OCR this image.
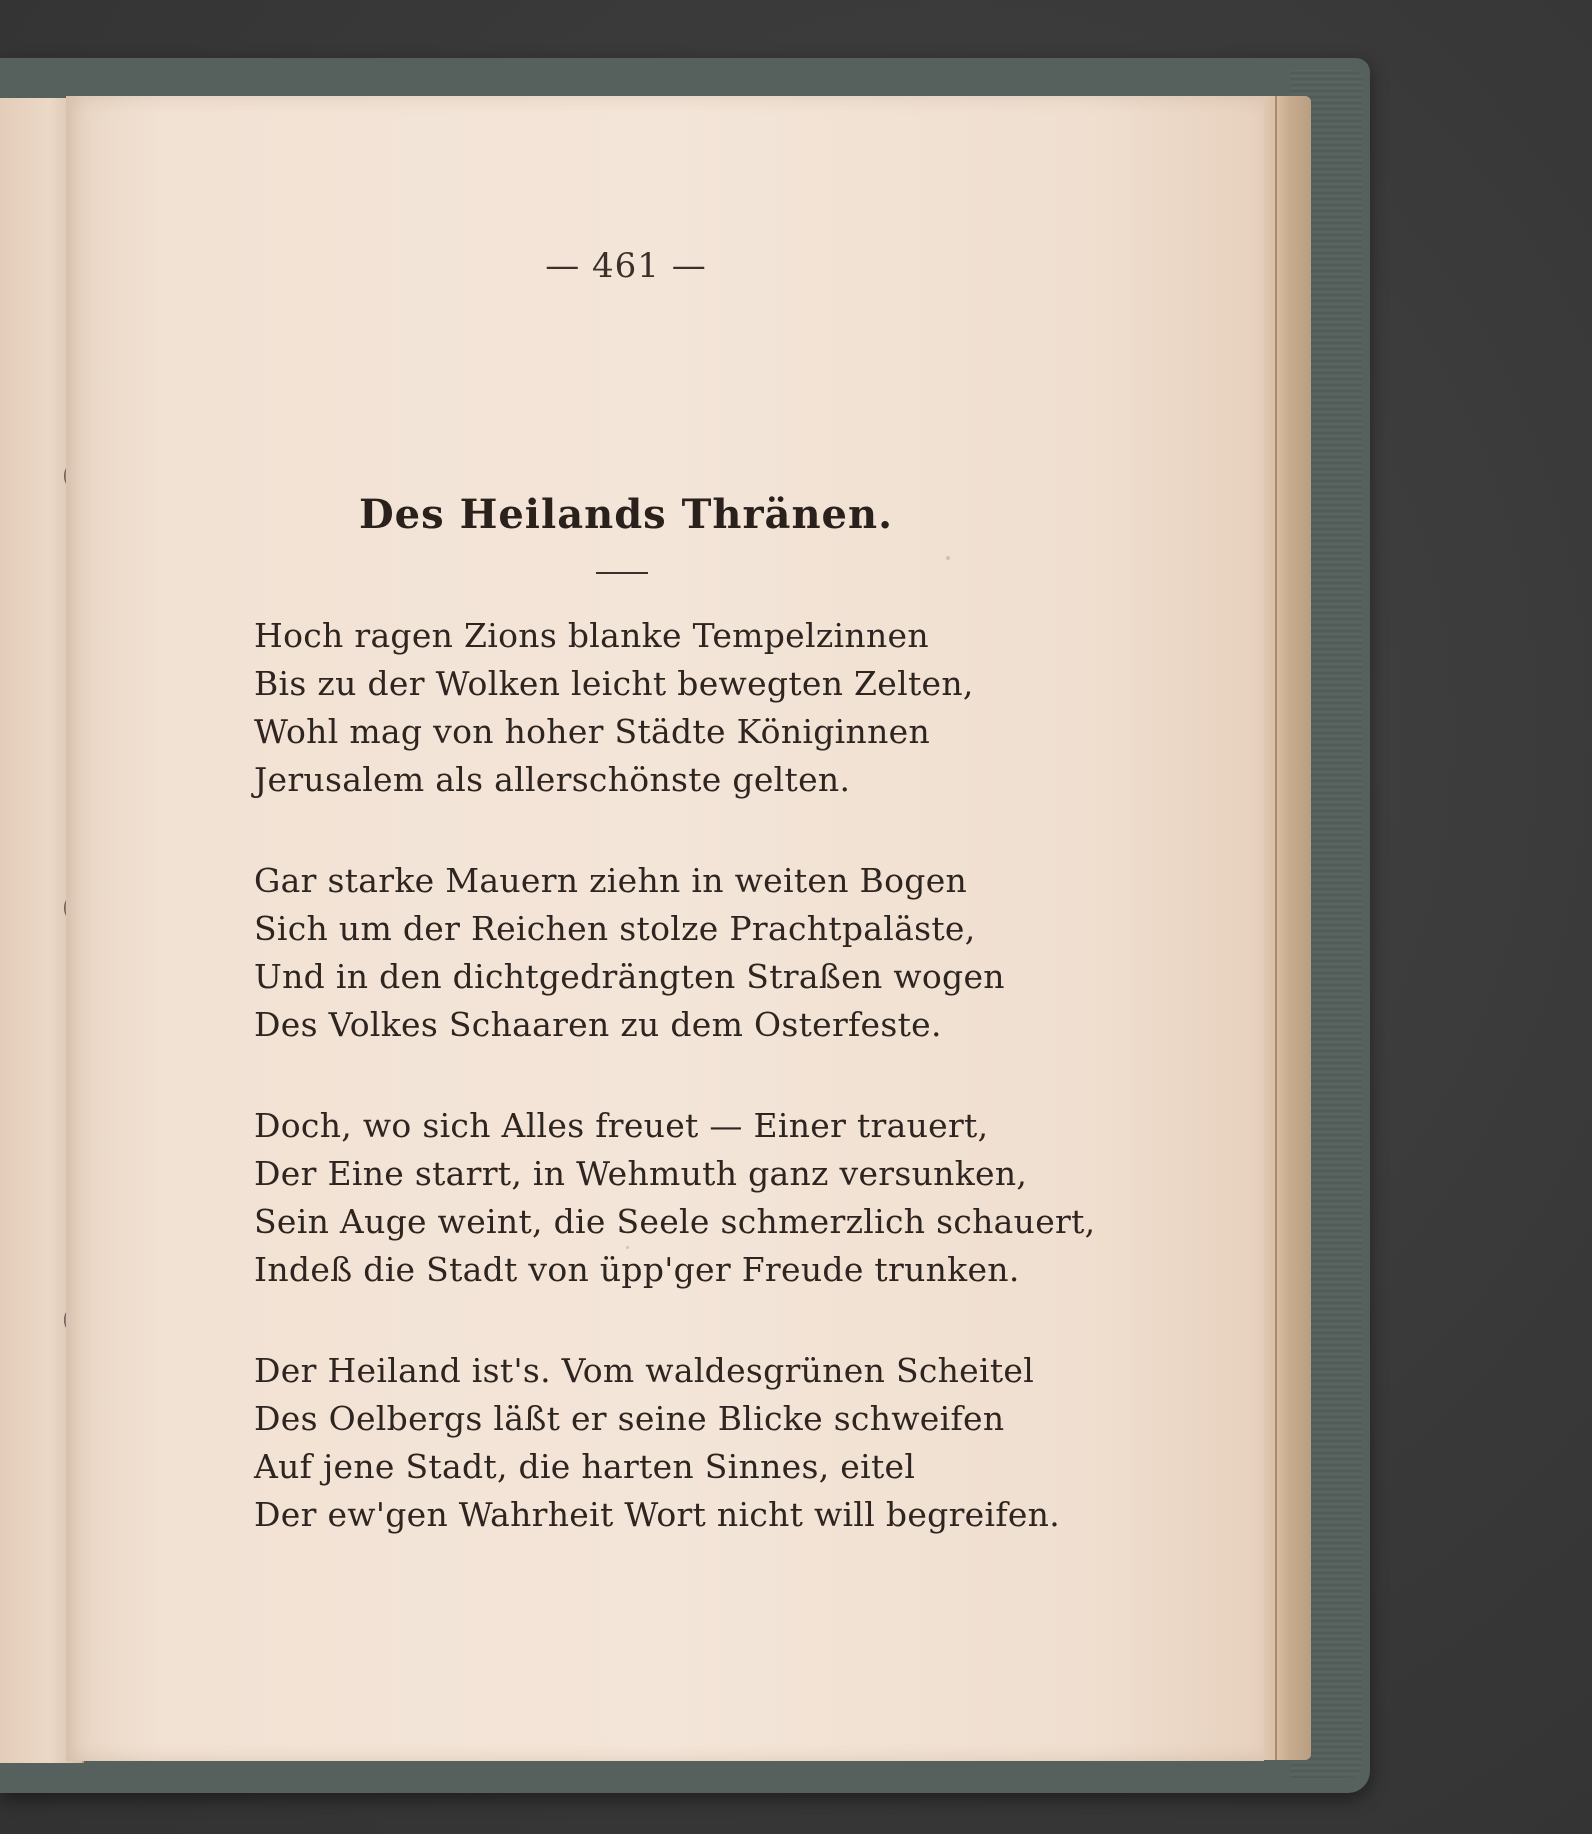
— 461 —
Des Heilands Thränen.
Hoch ragen Zions blanke Tempelzinnen
Bis zu der Wolken leicht bewegten Zelten,
Wohl mag von hoher Städte Königinnen
Jerusalem als allerschönste gelten.
Gar starke Mauern ziehn in weiten Bogen
Sich um der Reichen stolze Prachtpaläste,
Und in den dichtgedrängten Straßen wogen
Des Volkes Schaaren zu dem Osterfeste.
Doch, wo sich Alles freuet — Einer trauert,
Der Eine starrt, in Wehmuth ganz versunken,
Sein Auge weint, die Seele schmerzlich schauert,
Indeß die Stadt von üpp'ger Freude trunken.
Der Heiland ist's. Vom waldesgrünen Scheitel
Des Oelbergs läßt er seine Blicke schweifen
Auf jene Stadt, die harten Sinnes, eitel
Der ew'gen Wahrheit Wort nicht will begreifen.
